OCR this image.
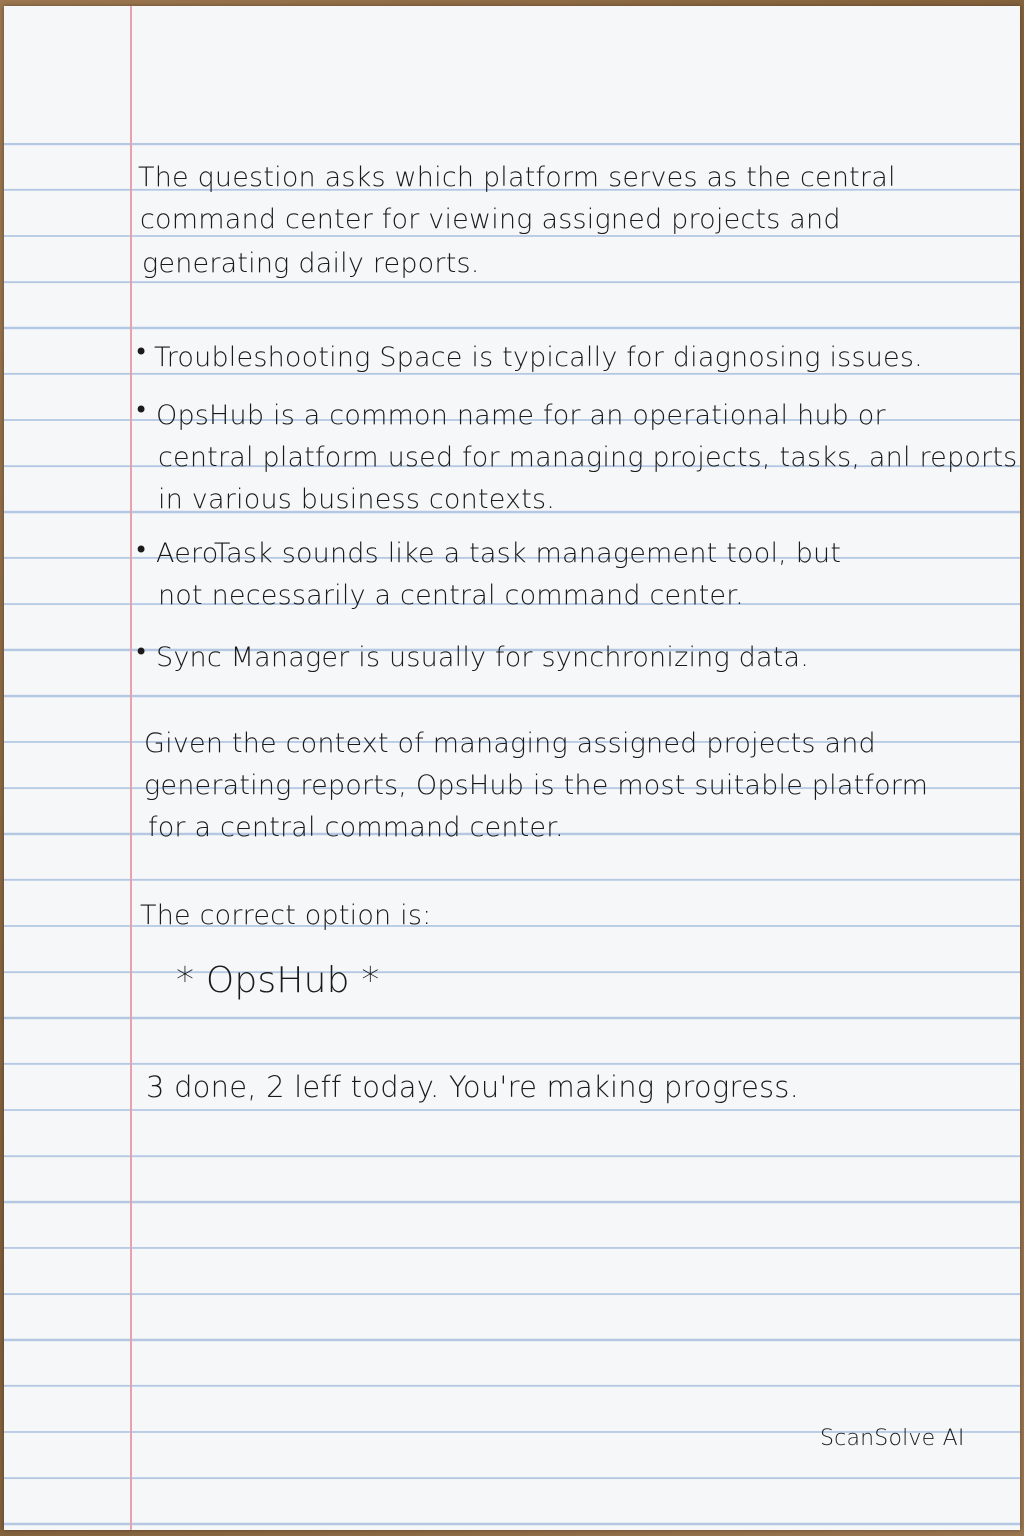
The question asks which platform serves as the central
command center for viewing assigned projects and
generating daily reports.
• Troubleshooting Space is typically for diagnosing issues.
• OpsHub is a common name for an operational hub or
central platform used for managing projects, tasks, anl reports
in various business contexts.
• AeroTask sounds like a task management tool, but
not necessarily a central command center.
• Sync Manager is usually for synchronizing data.
Given the context of managing assigned projects and
generating reports, OpsHub is the most suitable platform
for a central command center.
The correct option is:
* OpsHub *
3 done, 2 leff today. You're making progress.
ScanSolve AI
